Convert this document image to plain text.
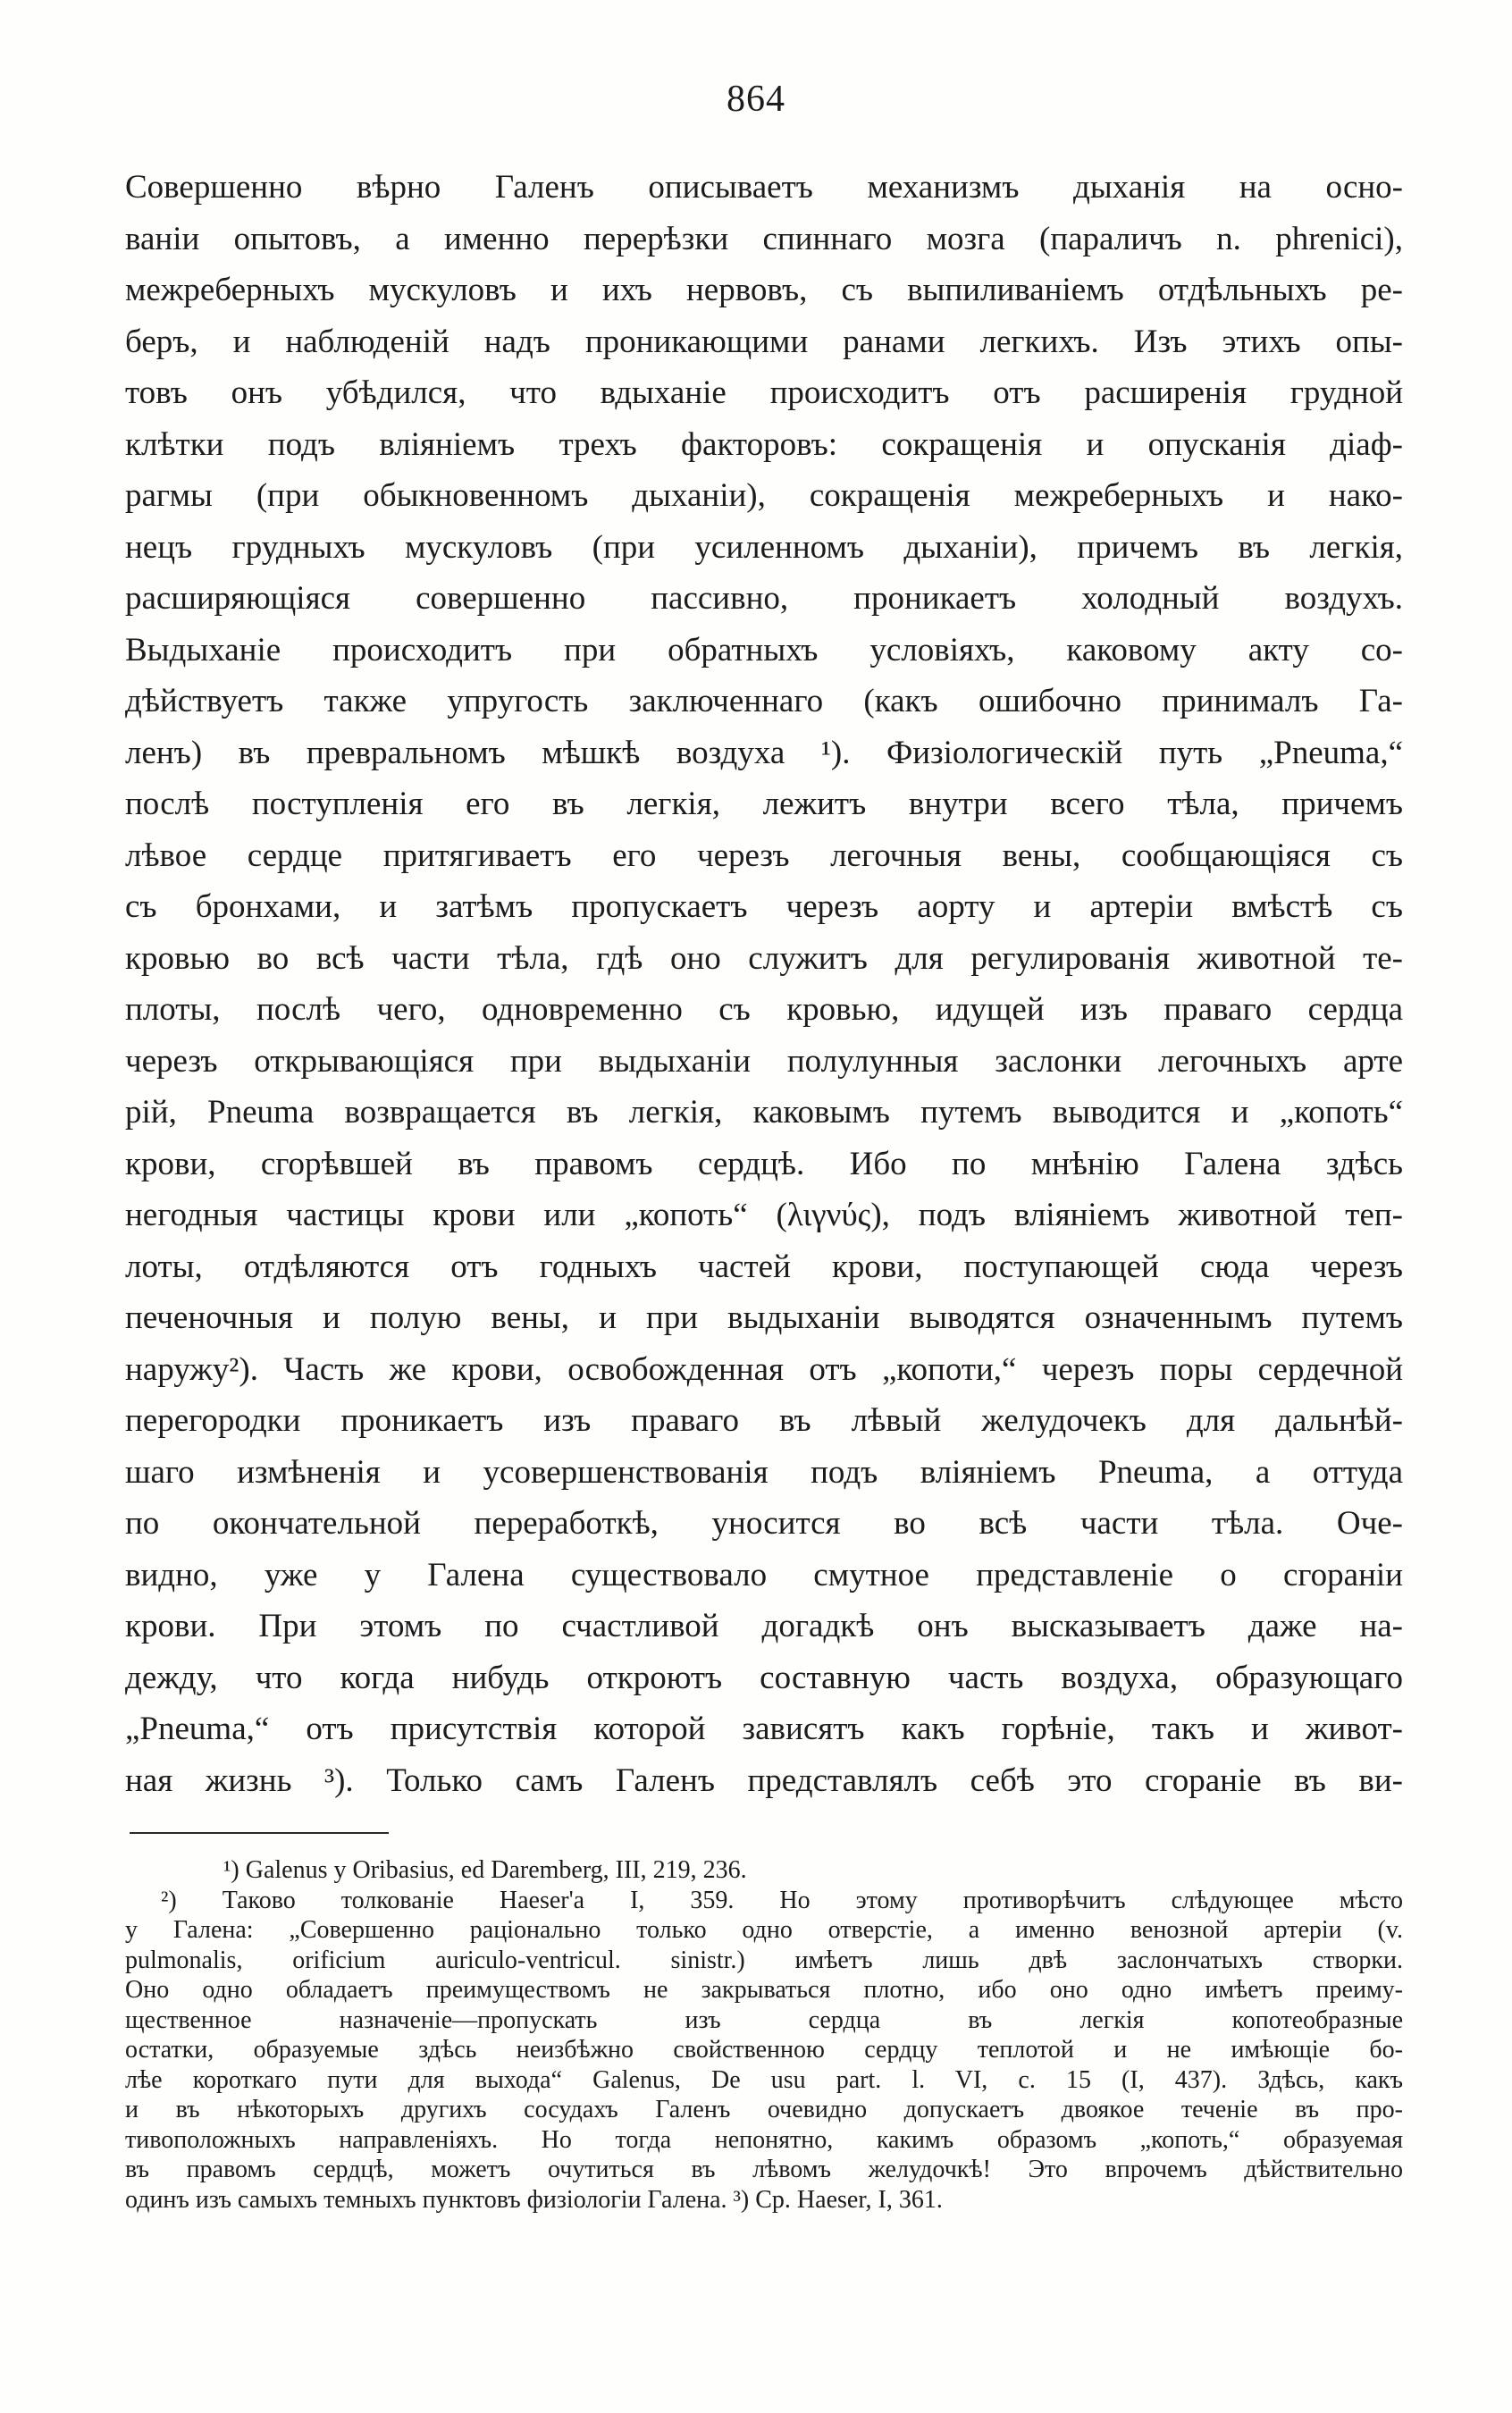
864
Совершенно вѣрно Галенъ описываетъ механизмъ дыханія на осно-
ваніи опытовъ, а именно перерѣзки спиннаго мозга (параличъ n. phrenici),
межреберныхъ мускуловъ и ихъ нервовъ, съ выпиливаніемъ отдѣльныхъ ре-
беръ, и наблюденій надъ проникающими ранами легкихъ. Изъ этихъ опы-
товъ онъ убѣдился, что вдыханіе происходитъ отъ расширенія грудной
клѣтки подъ вліяніемъ трехъ факторовъ: сокращенія и опусканія діаф-
рагмы (при обыкновенномъ дыханіи), сокращенія межреберныхъ и нако-
нецъ грудныхъ мускуловъ (при усиленномъ дыханіи), причемъ въ легкія,
расширяющіяся совершенно пассивно, проникаетъ холодный воздухъ.
Выдыханіе происходитъ при обратныхъ условіяхъ, каковому акту со-
дѣйствуетъ также упругость заключеннаго (какъ ошибочно принималъ Га-
ленъ) въ превральномъ мѣшкѣ воздуха ¹). Физіологическій путь „Pneuma,“
послѣ поступленія его въ легкія, лежитъ внутри всего тѣла, причемъ
лѣвое сердце притягиваетъ его черезъ легочныя вены, сообщающіяся съ
съ бронхами, и затѣмъ пропускаетъ черезъ аорту и артеріи вмѣстѣ съ
кровью во всѣ части тѣла, гдѣ оно служитъ для регулированія животной те-
плоты, послѣ чего, одновременно съ кровью, идущей изъ праваго сердца
черезъ открывающіяся при выдыханіи полулунныя заслонки легочныхъ арте
рій, Pneuma возвращается въ легкія, каковымъ путемъ выводится и „копоть“
крови, сгорѣвшей въ правомъ сердцѣ. Ибо по мнѣнію Галена здѣсь
негодныя частицы крови или „копоть“ (λιγνύς), подъ вліяніемъ животной теп-
лоты, отдѣляются отъ годныхъ частей крови, поступающей сюда черезъ
печеночныя и полую вены, и при выдыханіи выводятся означеннымъ путемъ
наружу²). Часть же крови, освобожденная отъ „копоти,“ черезъ поры сердечной
перегородки проникаетъ изъ праваго въ лѣвый желудочекъ для дальнѣй-
шаго измѣненія и усовершенствованія подъ вліяніемъ Pneuma, а оттуда
по окончательной переработкѣ, уносится во всѣ части тѣла. Оче-
видно, уже у Галена существовало смутное представленіе о сгораніи
крови. При этомъ по счастливой догадкѣ онъ высказываетъ даже на-
дежду, что когда нибудь откроютъ составную часть воздуха, образующаго
„Pneuma,“ отъ присутствія которой зависятъ какъ горѣніе, такъ и живот-
ная жизнь ³). Только самъ Галенъ представлялъ себѣ это сгораніе въ ви-
¹) Galenus y Oribasius, ed Daremberg, III, 219, 236.
²) Таково толкованіе Haeser'a I, 359. Но этому противорѣчитъ слѣдующее мѣсто
у Галена: „Совершенно раціонально только одно отверстіе, а именно венозной артеріи (v.
pulmonalis, orificium auriculo-ventricul. sinistr.) имѣетъ лишь двѣ заслончатыхъ створки.
Оно одно обладаетъ преимуществомъ не закрываться плотно, ибо оно одно имѣетъ преиму-
щественное назначеніе—пропускать изъ сердца въ легкія копотеобразные
остатки, образуемые здѣсь неизбѣжно свойственною сердцу теплотой и не имѣющіе бо-
лѣе короткаго пути для выхода“ Galenus, De usu part. l. VI, c. 15 (I, 437). Здѣсь, какъ
и въ нѣкоторыхъ другихъ сосудахъ Галенъ очевидно допускаетъ двоякое теченіе въ про-
тивоположныхъ направленіяхъ. Но тогда непонятно, какимъ образомъ „копоть,“ образуемая
въ правомъ сердцѣ, можетъ очутиться въ лѣвомъ желудочкѣ! Это впрочемъ дѣйствительно
одинъ изъ самыхъ темныхъ пунктовъ физіологіи Галена. ³) Ср. Haeser, I, 361.
